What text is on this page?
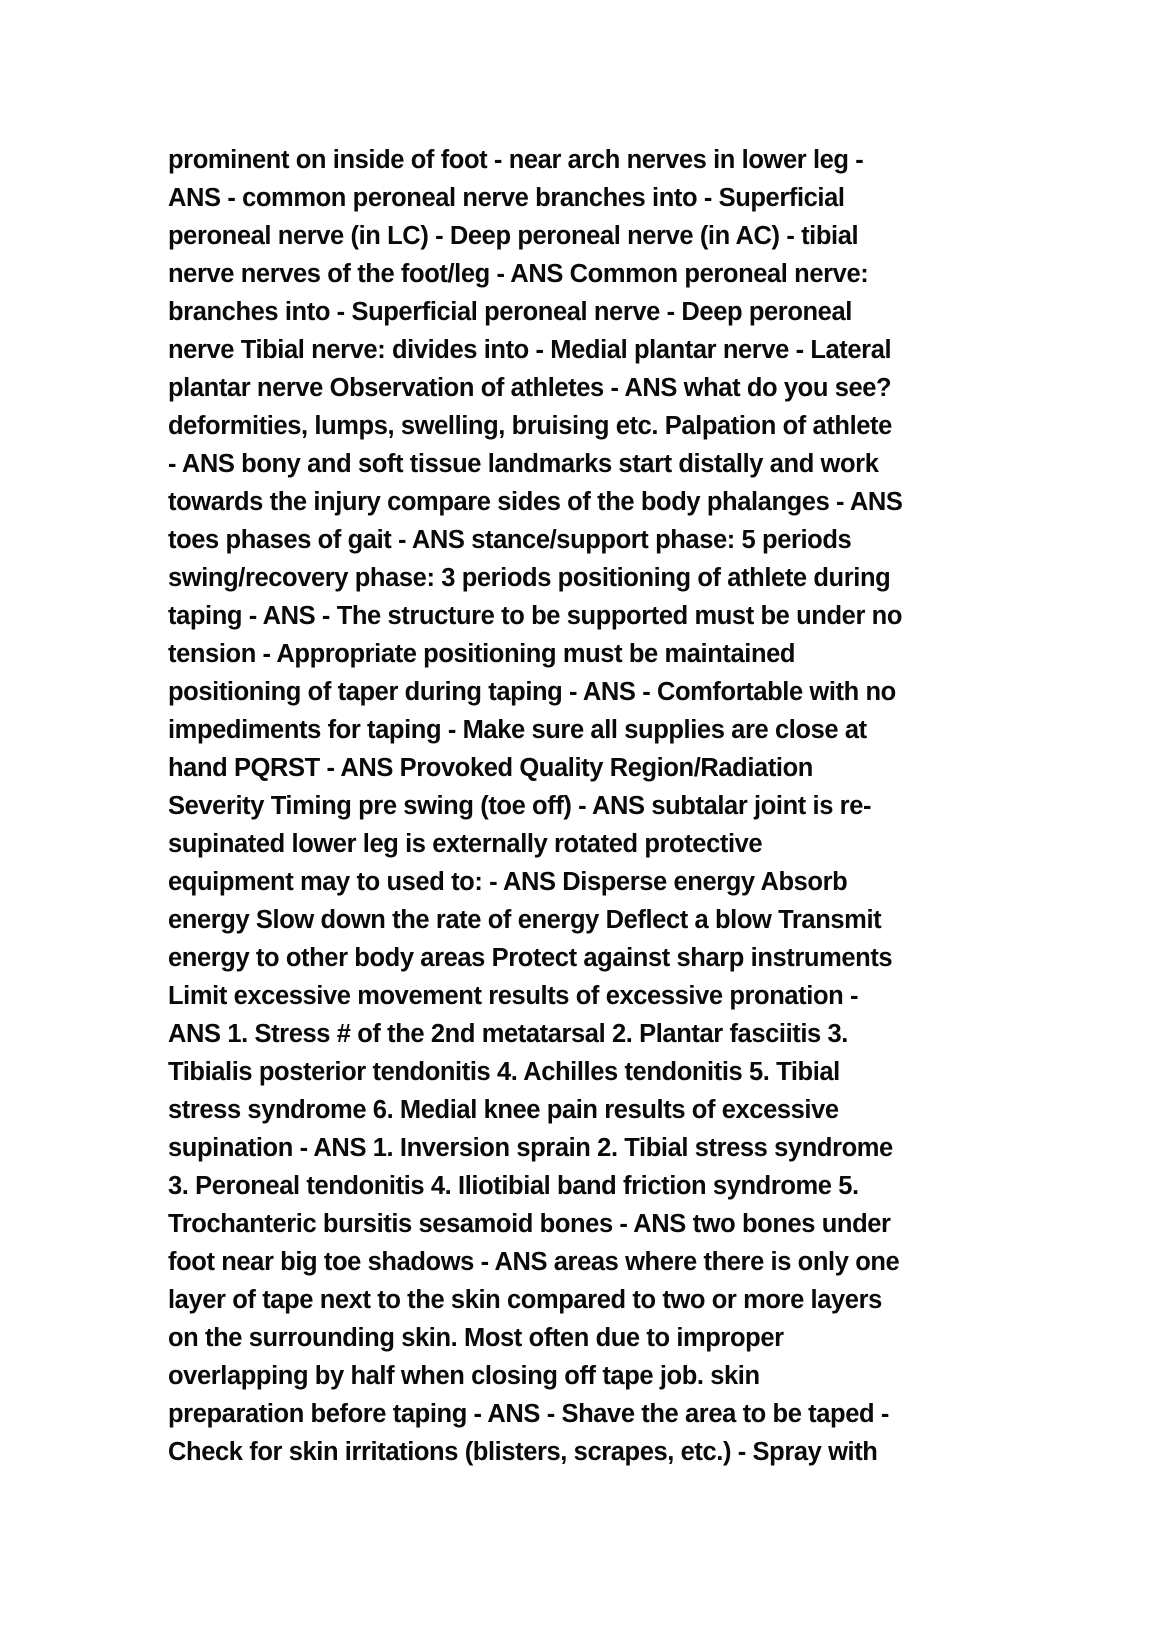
prominent on inside of foot - near arch nerves in lower leg -
ANS - common peroneal nerve branches into - Superficial
peroneal nerve (in LC) - Deep peroneal nerve (in AC) - tibial
nerve nerves of the foot/leg - ANS Common peroneal nerve:
branches into - Superficial peroneal nerve - Deep peroneal
nerve Tibial nerve: divides into - Medial plantar nerve - Lateral
plantar nerve Observation of athletes - ANS what do you see?
deformities, lumps, swelling, bruising etc. Palpation of athlete
- ANS bony and soft tissue landmarks start distally and work
towards the injury compare sides of the body phalanges - ANS
toes phases of gait - ANS stance/support phase: 5 periods
swing/recovery phase: 3 periods positioning of athlete during
taping - ANS - The structure to be supported must be under no
tension - Appropriate positioning must be maintained
positioning of taper during taping - ANS - Comfortable with no
impediments for taping - Make sure all supplies are close at
hand PQRST - ANS Provoked Quality Region/Radiation
Severity Timing pre swing (toe off) - ANS subtalar joint is re-
supinated lower leg is externally rotated protective
equipment may to used to: - ANS Disperse energy Absorb
energy Slow down the rate of energy Deflect a blow Transmit
energy to other body areas Protect against sharp instruments
Limit excessive movement results of excessive pronation -
ANS 1. Stress # of the 2nd metatarsal 2. Plantar fasciitis 3.
Tibialis posterior tendonitis 4. Achilles tendonitis 5. Tibial
stress syndrome 6. Medial knee pain results of excessive
supination - ANS 1. Inversion sprain 2. Tibial stress syndrome
3. Peroneal tendonitis 4. Iliotibial band friction syndrome 5.
Trochanteric bursitis sesamoid bones - ANS two bones under
foot near big toe shadows - ANS areas where there is only one
layer of tape next to the skin compared to two or more layers
on the surrounding skin. Most often due to improper
overlapping by half when closing off tape job. skin
preparation before taping - ANS - Shave the area to be taped -
Check for skin irritations (blisters, scrapes, etc.) - Spray with
